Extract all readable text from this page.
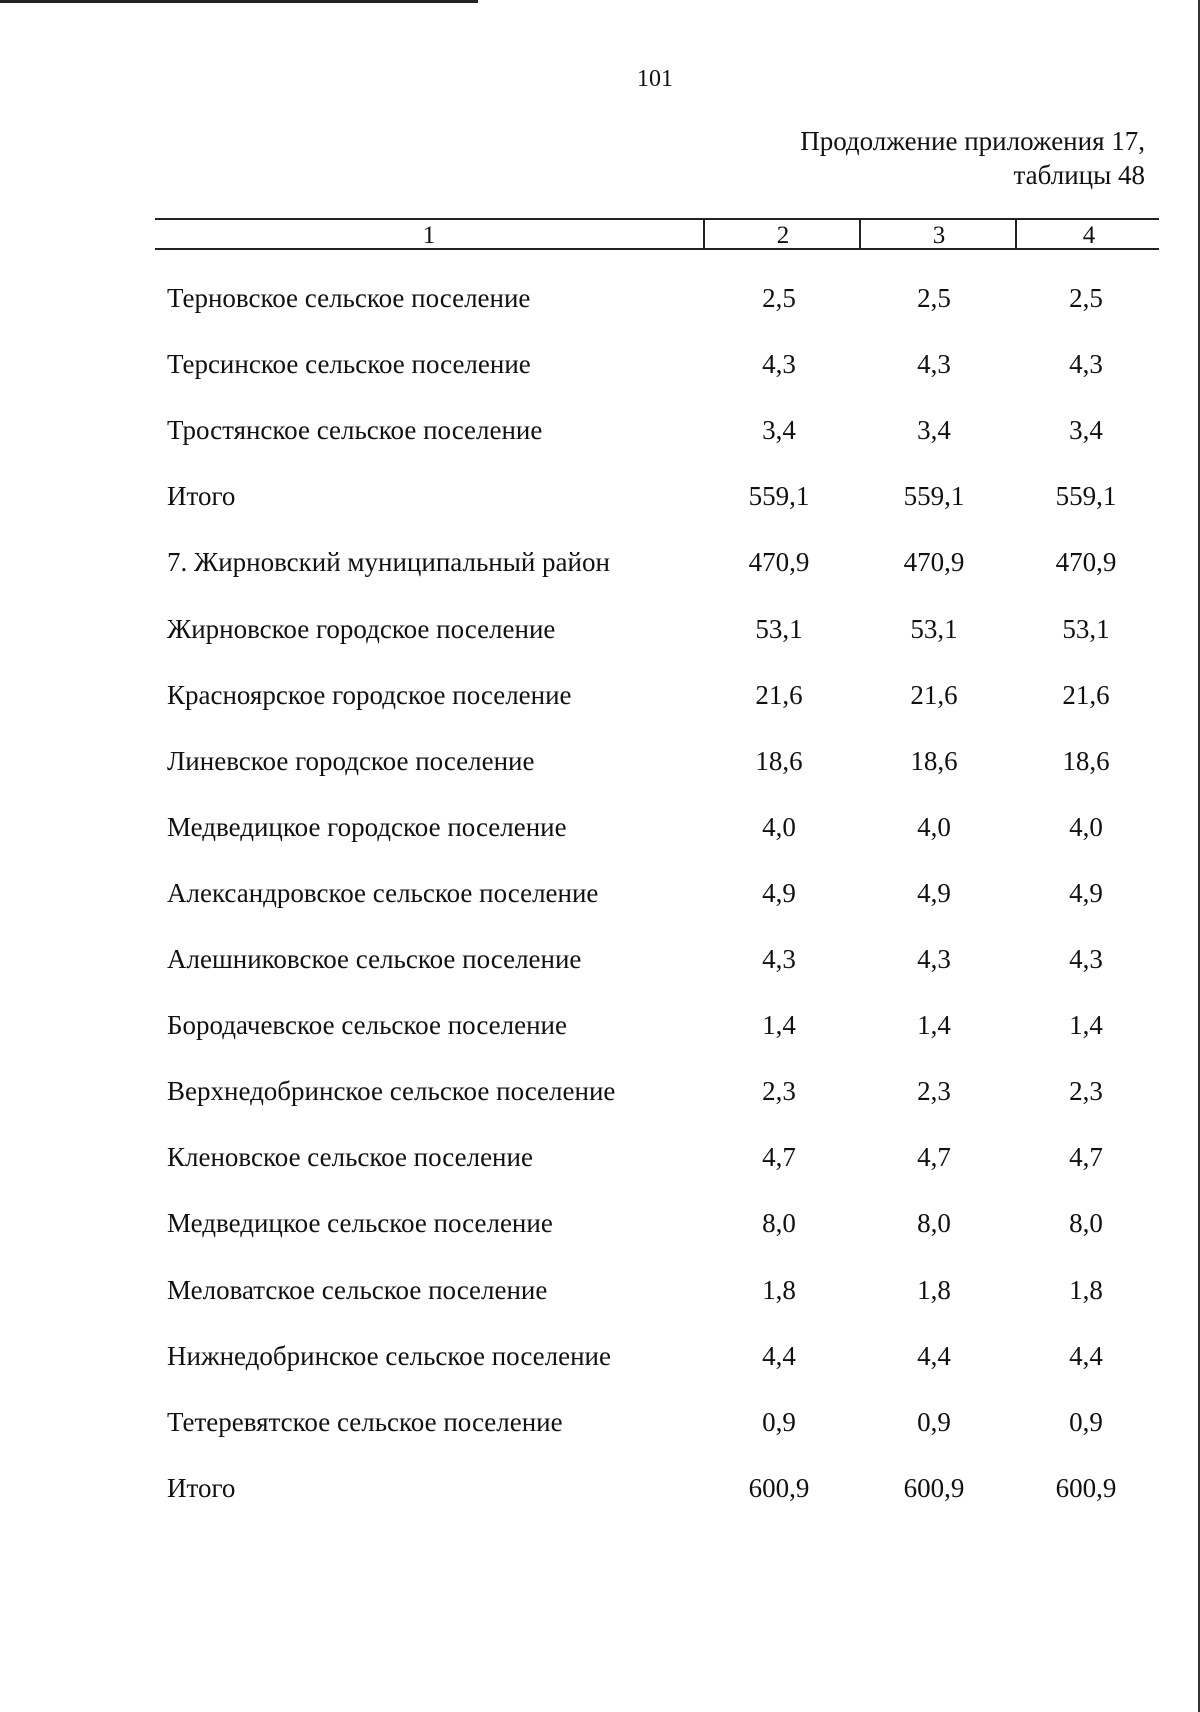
101
Продолжение приложения 17,
таблицы 48
1	2	3	4
Терновское сельское поселение	2,5	2,5	2,5
Терсинское сельское поселение	4,3	4,3	4,3
Тростянское сельское поселение	3,4	3,4	3,4
Итого	559,1	559,1	559,1
7. Жирновский муниципальный район	470,9	470,9	470,9
Жирновское городское поселение	53,1	53,1	53,1
Красноярское городское поселение	21,6	21,6	21,6
Линевское городское поселение	18,6	18,6	18,6
Медведицкое городское поселение	4,0	4,0	4,0
Александровское сельское поселение	4,9	4,9	4,9
Алешниковское сельское поселение	4,3	4,3	4,3
Бородачевское сельское поселение	1,4	1,4	1,4
Верхнедобринское сельское поселение	2,3	2,3	2,3
Кленовское сельское поселение	4,7	4,7	4,7
Медведицкое сельское поселение	8,0	8,0	8,0
Меловатское сельское поселение	1,8	1,8	1,8
Нижнедобринское сельское поселение	4,4	4,4	4,4
Тетеревятское сельское поселение	0,9	0,9	0,9
Итого	600,9	600,9	600,9
